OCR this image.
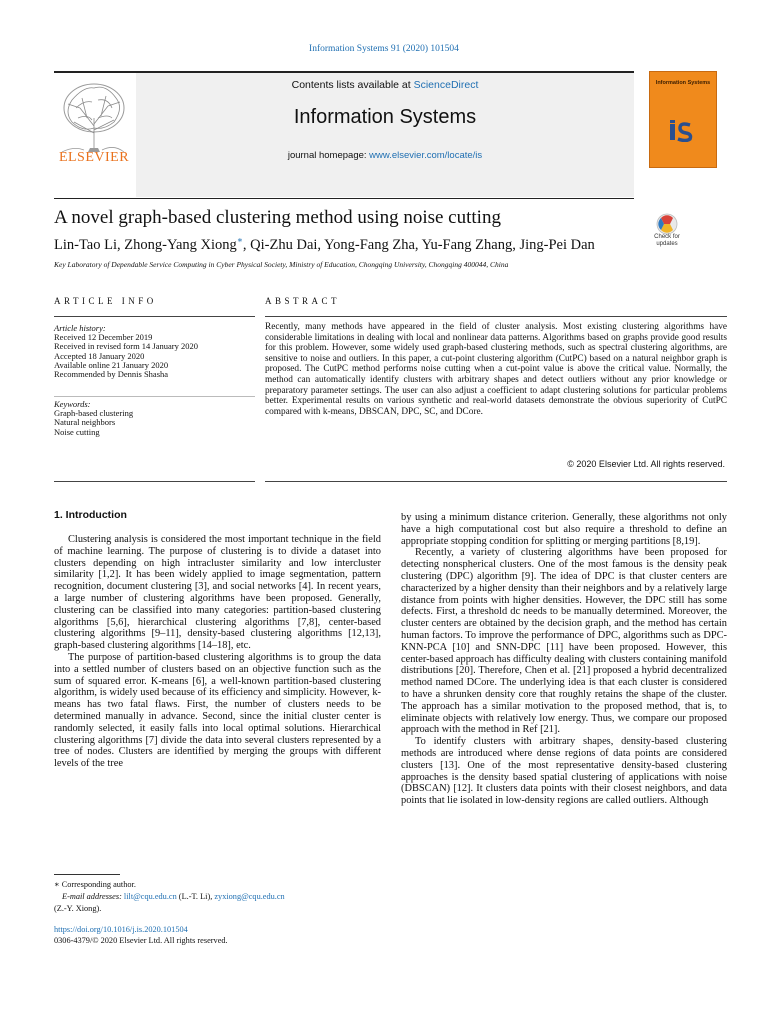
Information Systems 91 (2020) 101504
Contents lists available at ScienceDirect
Information Systems
journal homepage: www.elsevier.com/locate/is
ELSEVIER
Information Systems
A novel graph-based clustering method using noise cutting
Lin-Tao Li, Zhong-Yang Xiong∗, Qi-Zhu Dai, Yong-Fang Zha, Yu-Fang Zhang, Jing-Pei Dan
Key Laboratory of Dependable Service Computing in Cyber Physical Society, Ministry of Education, Chongqing University, Chongqing 400044, China
Check for updates
ARTICLE INFO	ABSTRACT
Article history:
Received 12 December 2019
Received in revised form 14 January 2020
Accepted 18 January 2020
Available online 21 January 2020
Recommended by Dennis Shasha
Keywords:
Graph-based clustering
Natural neighbors
Noise cutting
Recently, many methods have appeared in the field of cluster analysis. Most existing clustering algorithms have considerable limitations in dealing with local and nonlinear data patterns. Algorithms based on graphs provide good results for this problem. However, some widely used graph-based clustering methods, such as spectral clustering algorithms, are sensitive to noise and outliers. In this paper, a cut-point clustering algorithm (CutPC) based on a natural neighbor graph is proposed. The CutPC method performs noise cutting when a cut-point value is above the critical value. Normally, the method can automatically identify clusters with arbitrary shapes and detect outliers without any prior knowledge or preparatory parameter settings. The user can also adjust a coefficient to adapt clustering solutions for particular problems better. Experimental results on various synthetic and real-world datasets demonstrate the obvious superiority of CutPC compared with k-means, DBSCAN, DPC, SC, and DCore.
© 2020 Elsevier Ltd. All rights reserved.
1. Introduction

Clustering analysis is considered the most important technique in the field of machine learning. The purpose of clustering is to divide a dataset into clusters depending on high intracluster similarity and low intercluster similarity [1,2]. It has been widely applied to image segmentation, pattern recognition, document clustering [3], and social networks [4]. In recent years, a large number of clustering algorithms have been proposed. Generally, clustering can be classified into many categories: partition-based clustering algorithms [5,6], hierarchical clustering algorithms [7,8], center-based clustering algorithms [9–11], density-based clustering algorithms [12,13], graph-based clustering algorithms [14–18], etc.

The purpose of partition-based clustering algorithms is to group the data into a settled number of clusters based on an objective function such as the sum of squared error. K-means [6], a well-known partition-based clustering algorithm, is widely used because of its efficiency and simplicity. However, k-means has two fatal flaws. First, the number of clusters needs to be determined manually in advance. Second, since the initial cluster center is randomly selected, it easily falls into local optimal solutions. Hierarchical clustering algorithms [7] divide the data into several clusters represented by a tree of nodes. Clusters are identified by merging the groups with different levels of the tree

by using a minimum distance criterion. Generally, these algorithms not only have a high computational cost but also require a threshold to define an appropriate stopping condition for splitting or merging partitions [8,19].

Recently, a variety of clustering algorithms have been proposed for detecting nonspherical clusters. One of the most famous is the density peak clustering (DPC) algorithm [9]. The idea of DPC is that cluster centers are characterized by a higher density than their neighbors and by a relatively large distance from points with higher densities. However, the DPC still has some defects. First, a threshold dc needs to be manually determined. Moreover, the cluster centers are obtained by the decision graph, and the method has certain human factors. To improve the performance of DPC, algorithms such as DPC-KNN-PCA [10] and SNN-DPC [11] have been proposed. However, this center-based approach has difficulty dealing with clusters containing manifold distributions [20]. Therefore, Chen et al. [21] proposed a hybrid decentralized method named DCore. The underlying idea is that each cluster is considered to have a shrunken density core that roughly retains the shape of the cluster. The approach has a similar motivation to the proposed method, that is, to eliminate objects with relatively low energy. Thus, we compare our proposed approach with the method in Ref [21].

To identify clusters with arbitrary shapes, density-based clustering methods are introduced where dense regions of data points are considered clusters [13]. One of the most representative density-based clustering approaches is the density based spatial clustering of applications with noise (DBSCAN) [12]. It clusters data points with their closest neighbors, and data points that lie isolated in low-density regions are called outliers. Although

∗ Corresponding author.
E-mail addresses: lilt@cqu.edu.cn (L.-T. Li), zyxiong@cqu.edu.cn
(Z.-Y. Xiong).
https://doi.org/10.1016/j.is.2020.101504
0306-4379/© 2020 Elsevier Ltd. All rights reserved.
